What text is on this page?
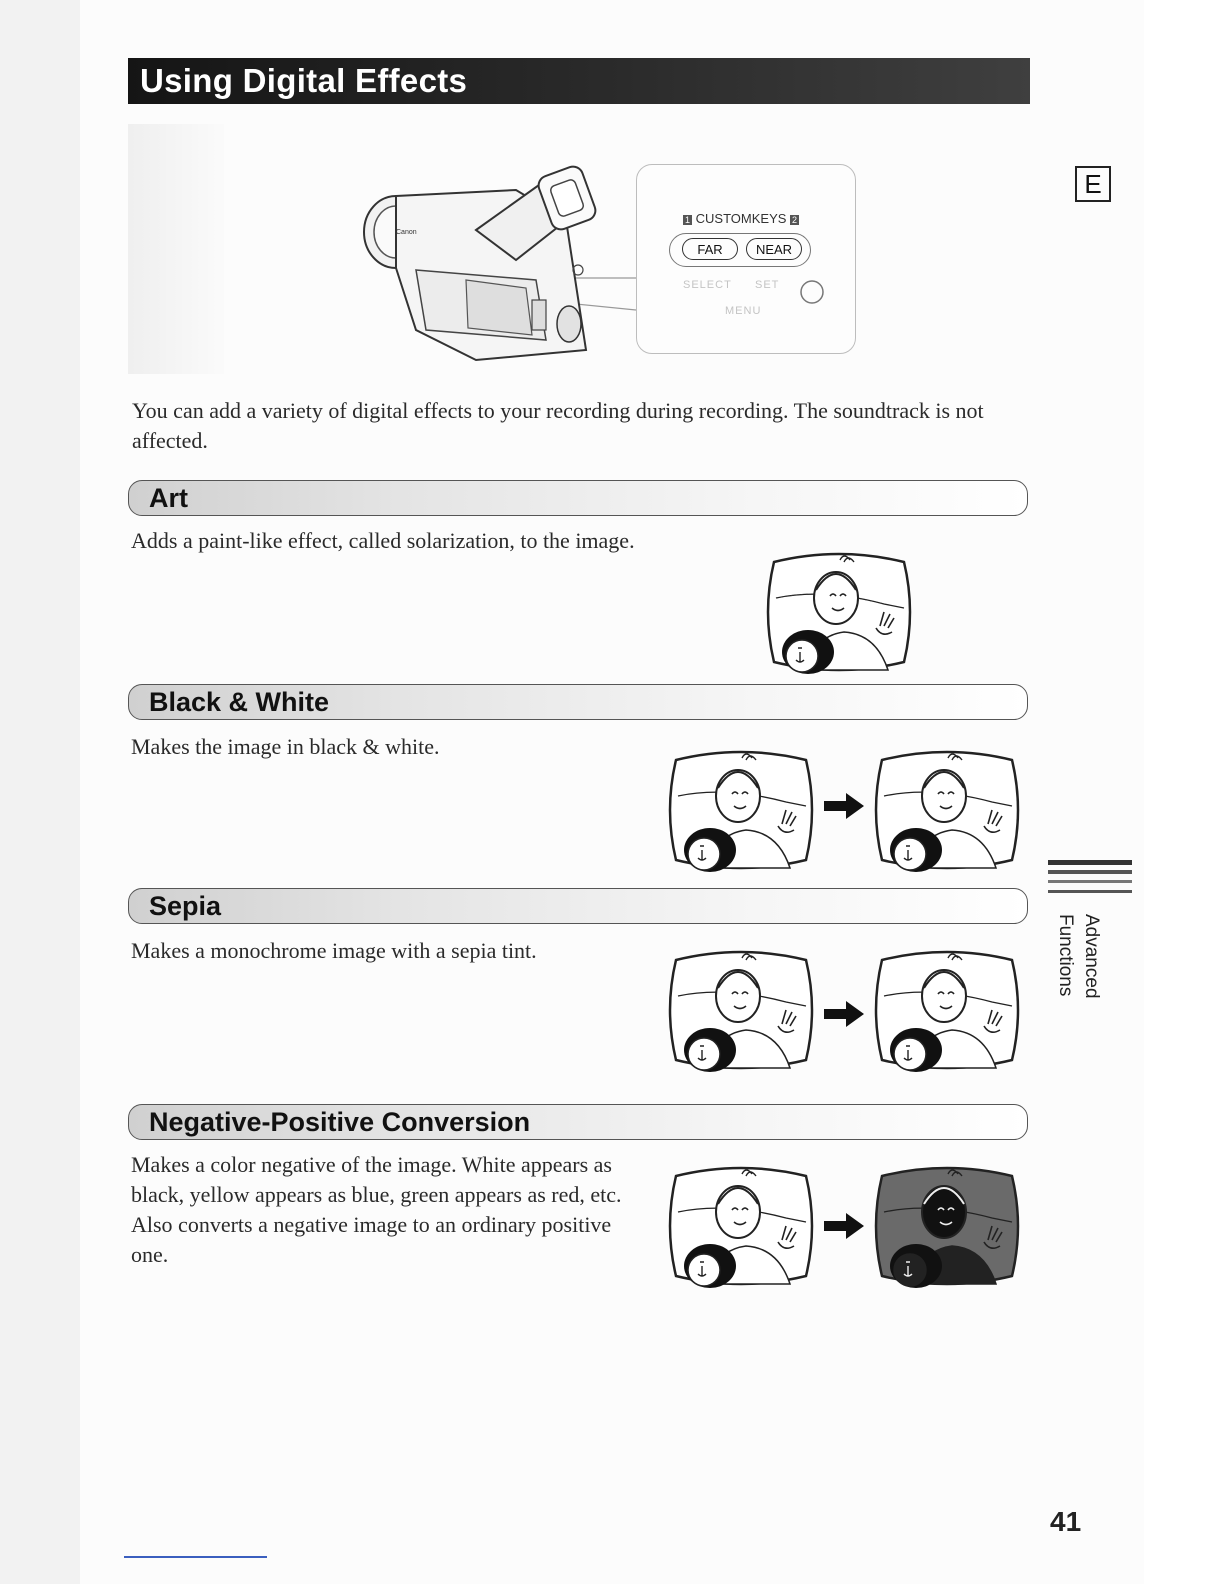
Using Digital Effects
E
Canon
1 CUSTOMKEYS 2
FAR	NEAR
SELECT SET
MENU
You can add a variety of digital effects to your recording during recording. The soundtrack is not affected.
Art
Adds a paint-like effect, called solarization, to the image.
Black & White
Makes the image in black & white.
Sepia
Makes a monochrome image with a sepia tint.
Negative-Positive Conversion
Makes a color negative of the image. White appears as black, yellow appears as blue, green appears as red, etc. Also converts a negative image to an ordinary positive one.
Advanced
Functions
41
